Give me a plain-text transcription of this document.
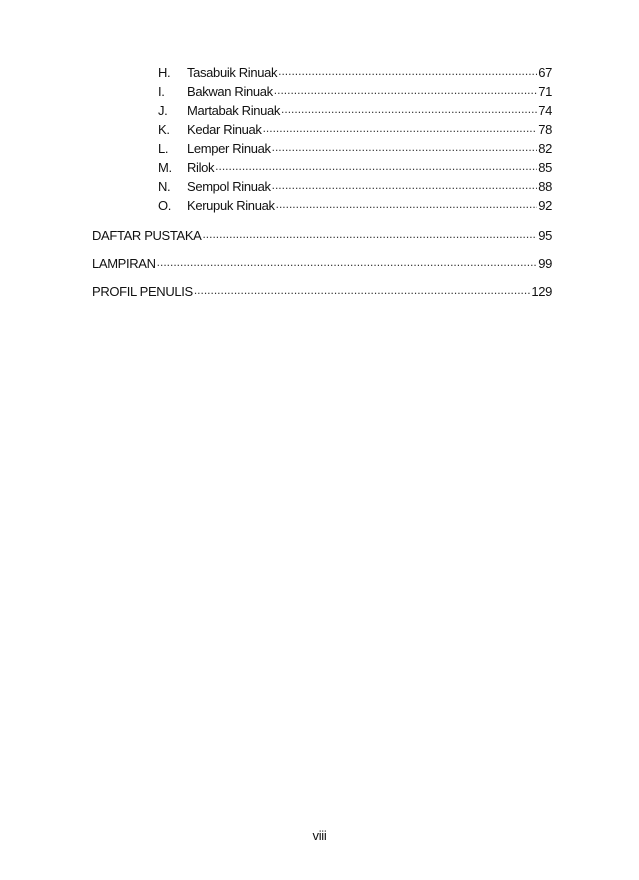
H.	Tasabuik Rinuak .....	67
I.	Bakwan Rinuak .....	71
J.	Martabak Rinuak .....	74
K.	Kedar Rinuak .....	78
L.	Lemper Rinuak .....	82
M.	Rilok .....	85
N.	Sempol Rinuak .....	88
O.	Kerupuk Rinuak .....	92
DAFTAR PUSTAKA .....	95
LAMPIRAN .....	99
PROFIL PENULIS .....	129
viii
